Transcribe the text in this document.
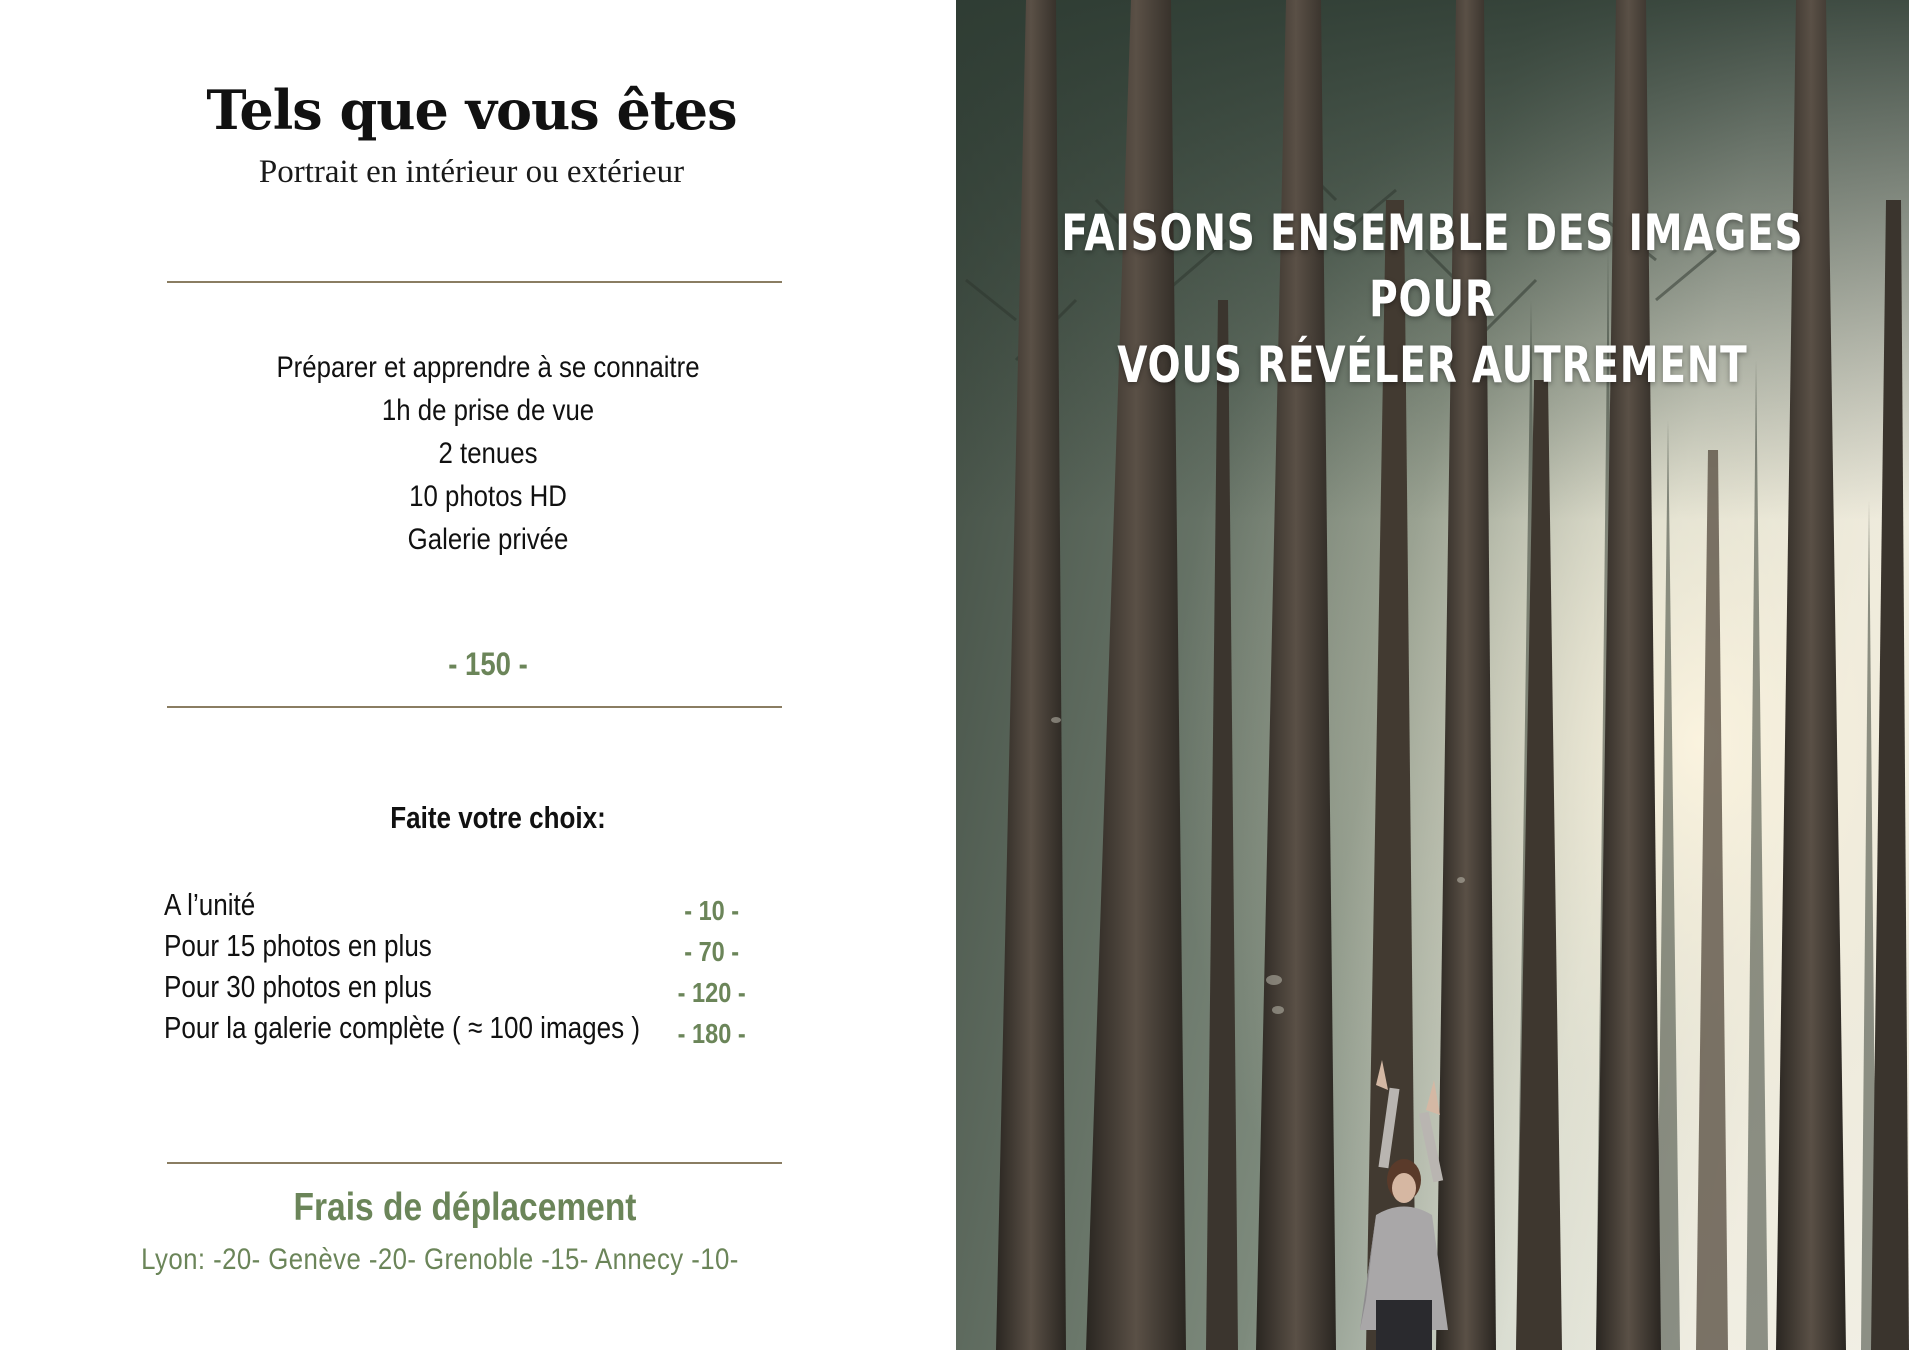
Tels que vous êtes
Portrait en intérieur ou extérieur
Préparer et apprendre à se connaitre
1h de prise de vue
2 tenues
10 photos HD
Galerie privée
- 150 -
Faite votre choix:
A l’unité	- 10 -
Pour 15 photos en plus	- 70 -
Pour 30 photos en plus	- 120 -
Pour la galerie complète ( ≈ 100 images ) - 180 -
Frais de déplacement
Lyon: -20- Genève -20- Grenoble -15- Annecy -10-
FAISONS ENSEMBLE DES IMAGES POUR
VOUS RÉVÉLER AUTREMENT
